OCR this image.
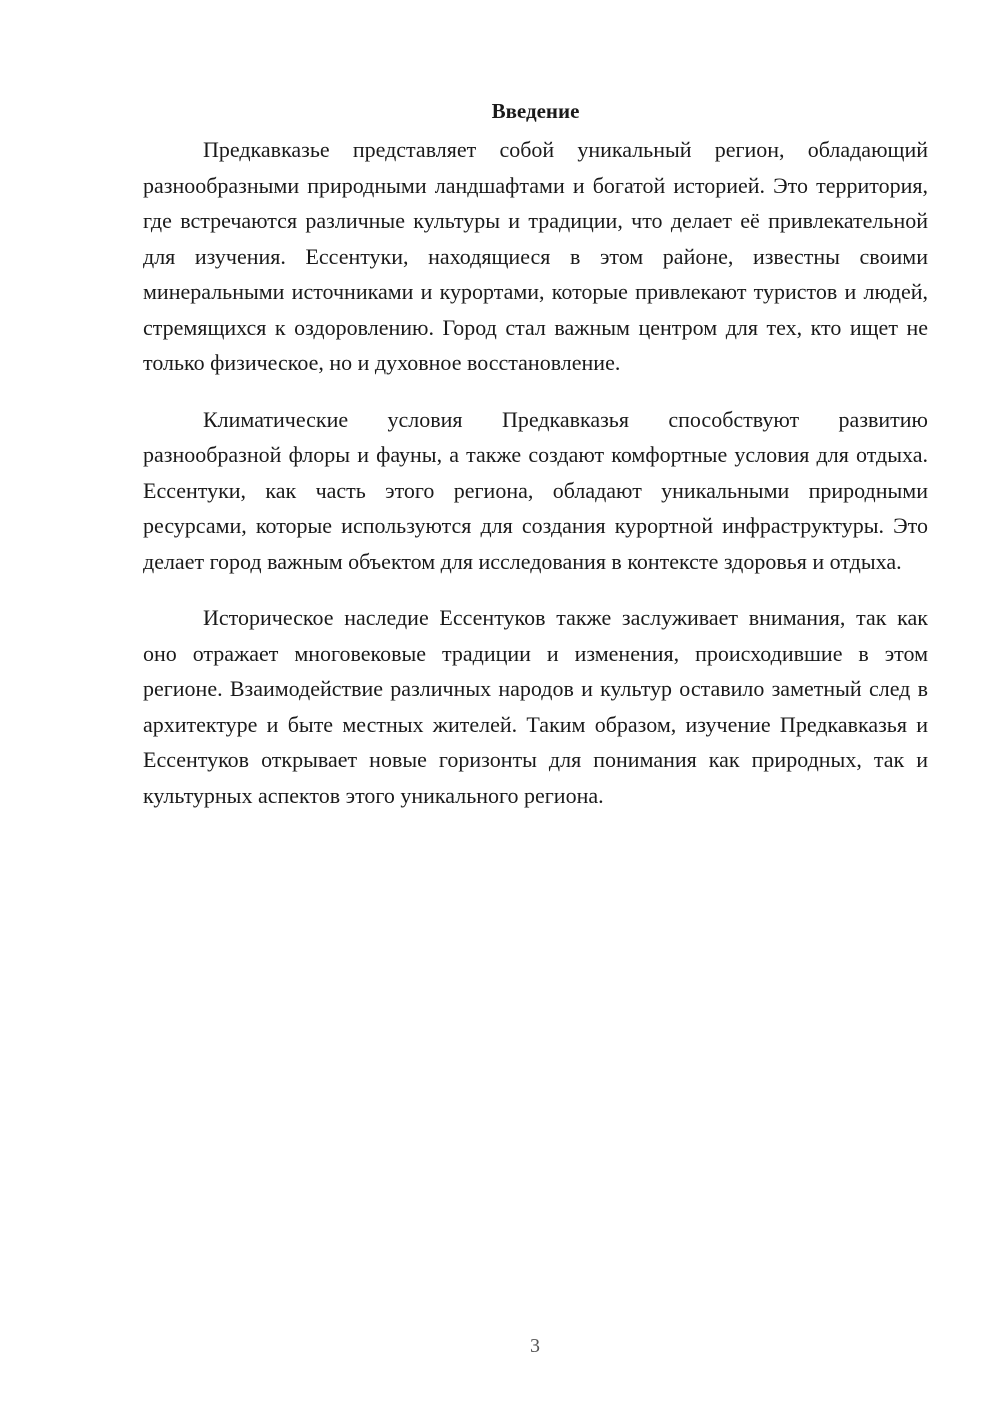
Введение

Предкавказье представляет собой уникальный регион, обладающий разнообразными природными ландшафтами и богатой историей. Это территория, где встречаются различные культуры и традиции, что делает её привлекательной для изучения. Ессентуки, находящиеся в этом районе, известны своими минеральными источниками и курортами, которые привлекают туристов и людей, стремящихся к оздоровлению. Город стал важным центром для тех, кто ищет не только физическое, но и духовное восстановление.

Климатические условия Предкавказья способствуют развитию разнообразной флоры и фауны, а также создают комфортные условия для отдыха. Ессентуки, как часть этого региона, обладают уникальными природными ресурсами, которые используются для создания курортной инфраструктуры. Это делает город важным объектом для исследования в контексте здоровья и отдыха.

Историческое наследие Ессентуков также заслуживает внимания, так как оно отражает многовековые традиции и изменения, происходившие в этом регионе. Взаимодействие различных народов и культур оставило заметный след в архитектуре и быте местных жителей. Таким образом, изучение Предкавказья и Ессентуков открывает новые горизонты для понимания как природных, так и культурных аспектов этого уникального региона.

3
